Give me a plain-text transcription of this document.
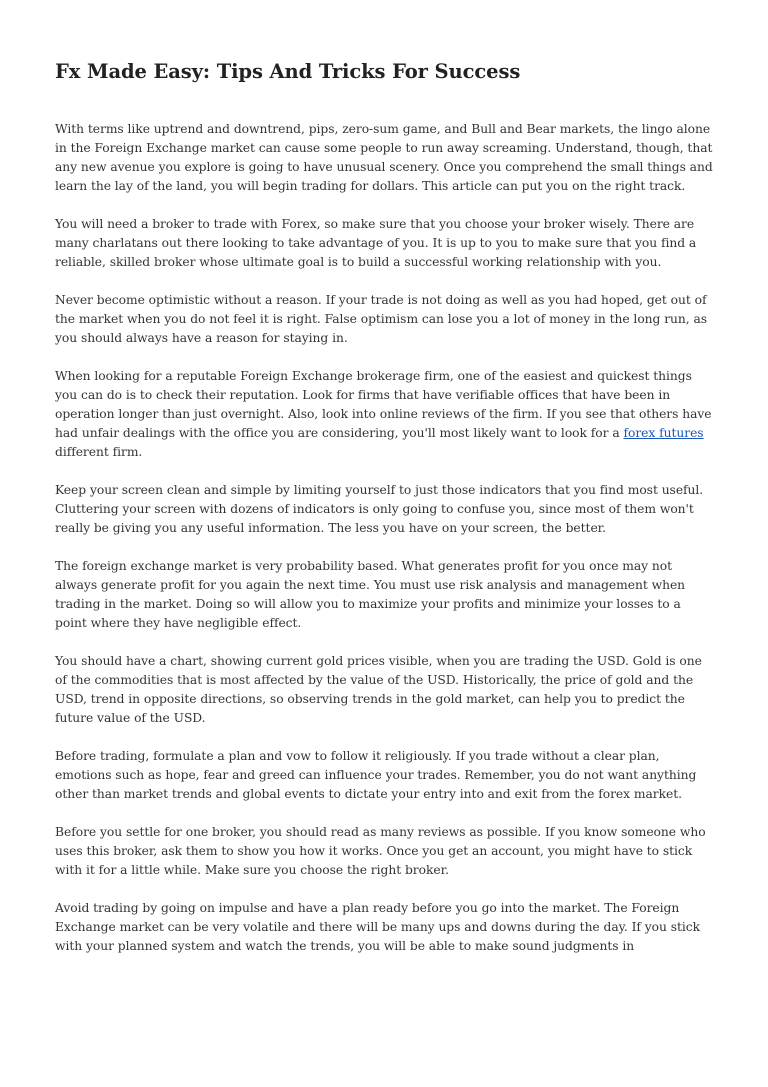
Fx Made Easy: Tips And Tricks For Success

With terms like uptrend and downtrend, pips, zero-sum game, and Bull and Bear markets, the lingo alone in the Foreign Exchange market can cause some people to run away screaming. Understand, though, that any new avenue you explore is going to have unusual scenery. Once you comprehend the small things and learn the lay of the land, you will begin trading for dollars. This article can put you on the right track.

You will need a broker to trade with Forex, so make sure that you choose your broker wisely. There are many charlatans out there looking to take advantage of you. It is up to you to make sure that you find a reliable, skilled broker whose ultimate goal is to build a successful working relationship with you.

Never become optimistic without a reason. If your trade is not doing as well as you had hoped, get out of the market when you do not feel it is right. False optimism can lose you a lot of money in the long run, as you should always have a reason for staying in.

When looking for a reputable Foreign Exchange brokerage firm, one of the easiest and quickest things you can do is to check their reputation. Look for firms that have verifiable offices that have been in operation longer than just overnight. Also, look into online reviews of the firm. If you see that others have had unfair dealings with the office you are considering, you'll most likely want to look for a forex futures different firm.

Keep your screen clean and simple by limiting yourself to just those indicators that you find most useful. Cluttering your screen with dozens of indicators is only going to confuse you, since most of them won't really be giving you any useful information. The less you have on your screen, the better.

The foreign exchange market is very probability based. What generates profit for you once may not always generate profit for you again the next time. You must use risk analysis and management when trading in the market. Doing so will allow you to maximize your profits and minimize your losses to a point where they have negligible effect.

You should have a chart, showing current gold prices visible, when you are trading the USD. Gold is one of the commodities that is most affected by the value of the USD. Historically, the price of gold and the USD, trend in opposite directions, so observing trends in the gold market, can help you to predict the future value of the USD.

Before trading, formulate a plan and vow to follow it religiously. If you trade without a clear plan, emotions such as hope, fear and greed can influence your trades. Remember, you do not want anything other than market trends and global events to dictate your entry into and exit from the forex market.

Before you settle for one broker, you should read as many reviews as possible. If you know someone who uses this broker, ask them to show you how it works. Once you get an account, you might have to stick with it for a little while. Make sure you choose the right broker.

Avoid trading by going on impulse and have a plan ready before you go into the market. The Foreign Exchange market can be very volatile and there will be many ups and downs during the day. If you stick with your planned system and watch the trends, you will be able to make sound judgments in
